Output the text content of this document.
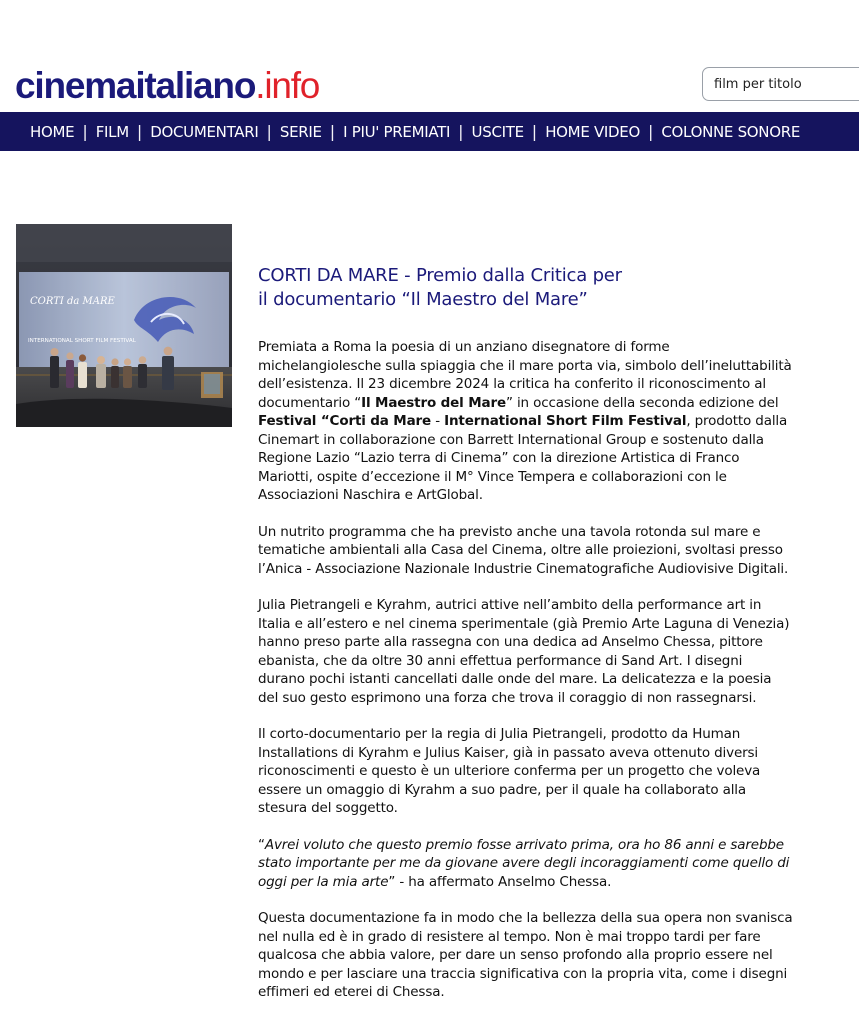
cinemaitaliano.info
film per titolo
HOME | FILM | DOCUMENTARI | SERIE | I PIU' PREMIATI | USCITE | HOME VIDEO | COLONNE SONORE
CORTI da MARE
INTERNATIONAL SHORT FILM FESTIVAL
CORTI DA MARE - Premio dalla Critica per
il documentario “Il Maestro del Mare”

Premiata a Roma la poesia di un anziano disegnatore di forme michelangiolesche sulla spiaggia che il mare porta via, simbolo dell’ineluttabilità dell’esistenza. Il 23 dicembre 2024 la critica ha conferito il riconoscimento al documentario “Il Maestro del Mare” in occasione della seconda edizione del Festival “Corti da Mare - International Short Film Festival, prodotto dalla Cinemart in collaborazione con Barrett International Group e sostenuto dalla Regione Lazio “Lazio terra di Cinema” con la direzione Artistica di Franco Mariotti, ospite d’eccezione il M° Vince Tempera e collaborazioni con le Associazioni Naschira e ArtGlobal.

Un nutrito programma che ha previsto anche una tavola rotonda sul mare e tematiche ambientali alla Casa del Cinema, oltre alle proiezioni, svoltasi presso l’Anica - Associazione Nazionale Industrie Cinematografiche Audiovisive Digitali.

Julia Pietrangeli e Kyrahm, autrici attive nell’ambito della performance art in Italia e all’estero e nel cinema sperimentale (già Premio Arte Laguna di Venezia) hanno preso parte alla rassegna con una dedica ad Anselmo Chessa, pittore ebanista, che da oltre 30 anni effettua performance di Sand Art. I disegni durano pochi istanti cancellati dalle onde del mare. La delicatezza e la poesia del suo gesto esprimono una forza che trova il coraggio di non rassegnarsi.

Il corto-documentario per la regia di Julia Pietrangeli, prodotto da Human Installations di Kyrahm e Julius Kaiser, già in passato aveva ottenuto diversi riconoscimenti e questo è un ulteriore conferma per un progetto che voleva essere un omaggio di Kyrahm a suo padre, per il quale ha collaborato alla stesura del soggetto.

“Avrei voluto che questo premio fosse arrivato prima, ora ho 86 anni e sarebbe stato importante per me da giovane avere degli incoraggiamenti come quello di oggi per la mia arte” - ha affermato Anselmo Chessa.

Questa documentazione fa in modo che la bellezza della sua opera non svanisca nel nulla ed è in grado di resistere al tempo. Non è mai troppo tardi per fare qualcosa che abbia valore, per dare un senso profondo alla proprio essere nel mondo e per lasciare una traccia significativa con la propria vita, come i disegni effimeri ed eterei di Chessa.
